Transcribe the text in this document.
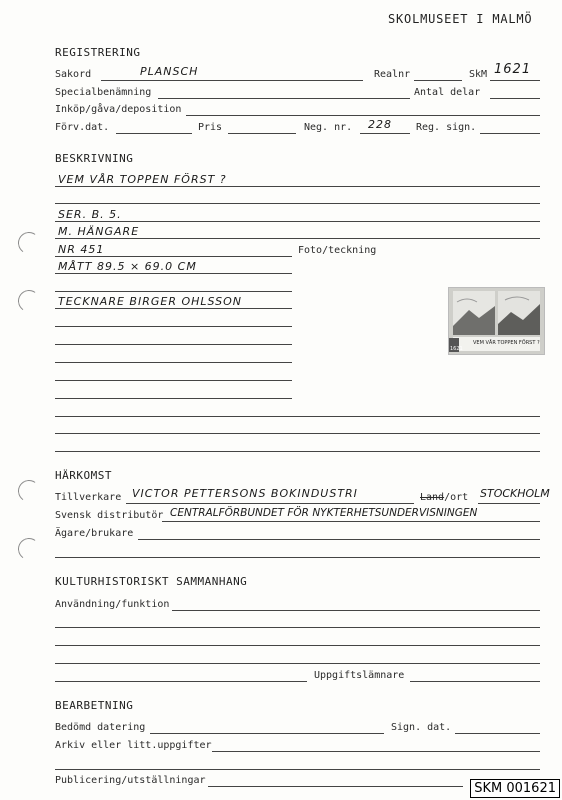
SKOLMUSEET I MALMÖ
REGISTRERING
Sakord	PLANSCH	Realnr	SkM 1621
Specialbenämning	Antal delar
Inköp/gåva/deposition
Förv.dat.	Pris	Neg. nr. 228 Reg. sign.
BESKRIVNING
VEM VÅR TOPPEN FÖRST ?
SER. B. 5.
M. HÄNGARE
NR 451	Foto/teckning
MÅTT 89.5 × 69.0 CM
TECKNARE BIRGER OHLSSON
VEM VÅR TOPPEN FÖRST ?
1621
HÄRKOMST
Tillverkare VICTOR PETTERSONS BOKINDUSTRI	Land/ort STOCKHOLM
Svensk distributör CENTRALFÖRBUNDET FÖR NYKTERHETSUNDERVISNINGEN
Ägare/brukare
KULTURHISTORISKT SAMMANHANG
Användning/funktion
Uppgiftslämnare
BEARBETNING
Bedömd datering	Sign. dat.
Arkiv eller litt.uppgifter
Publicering/utställningar
SKM 001621
